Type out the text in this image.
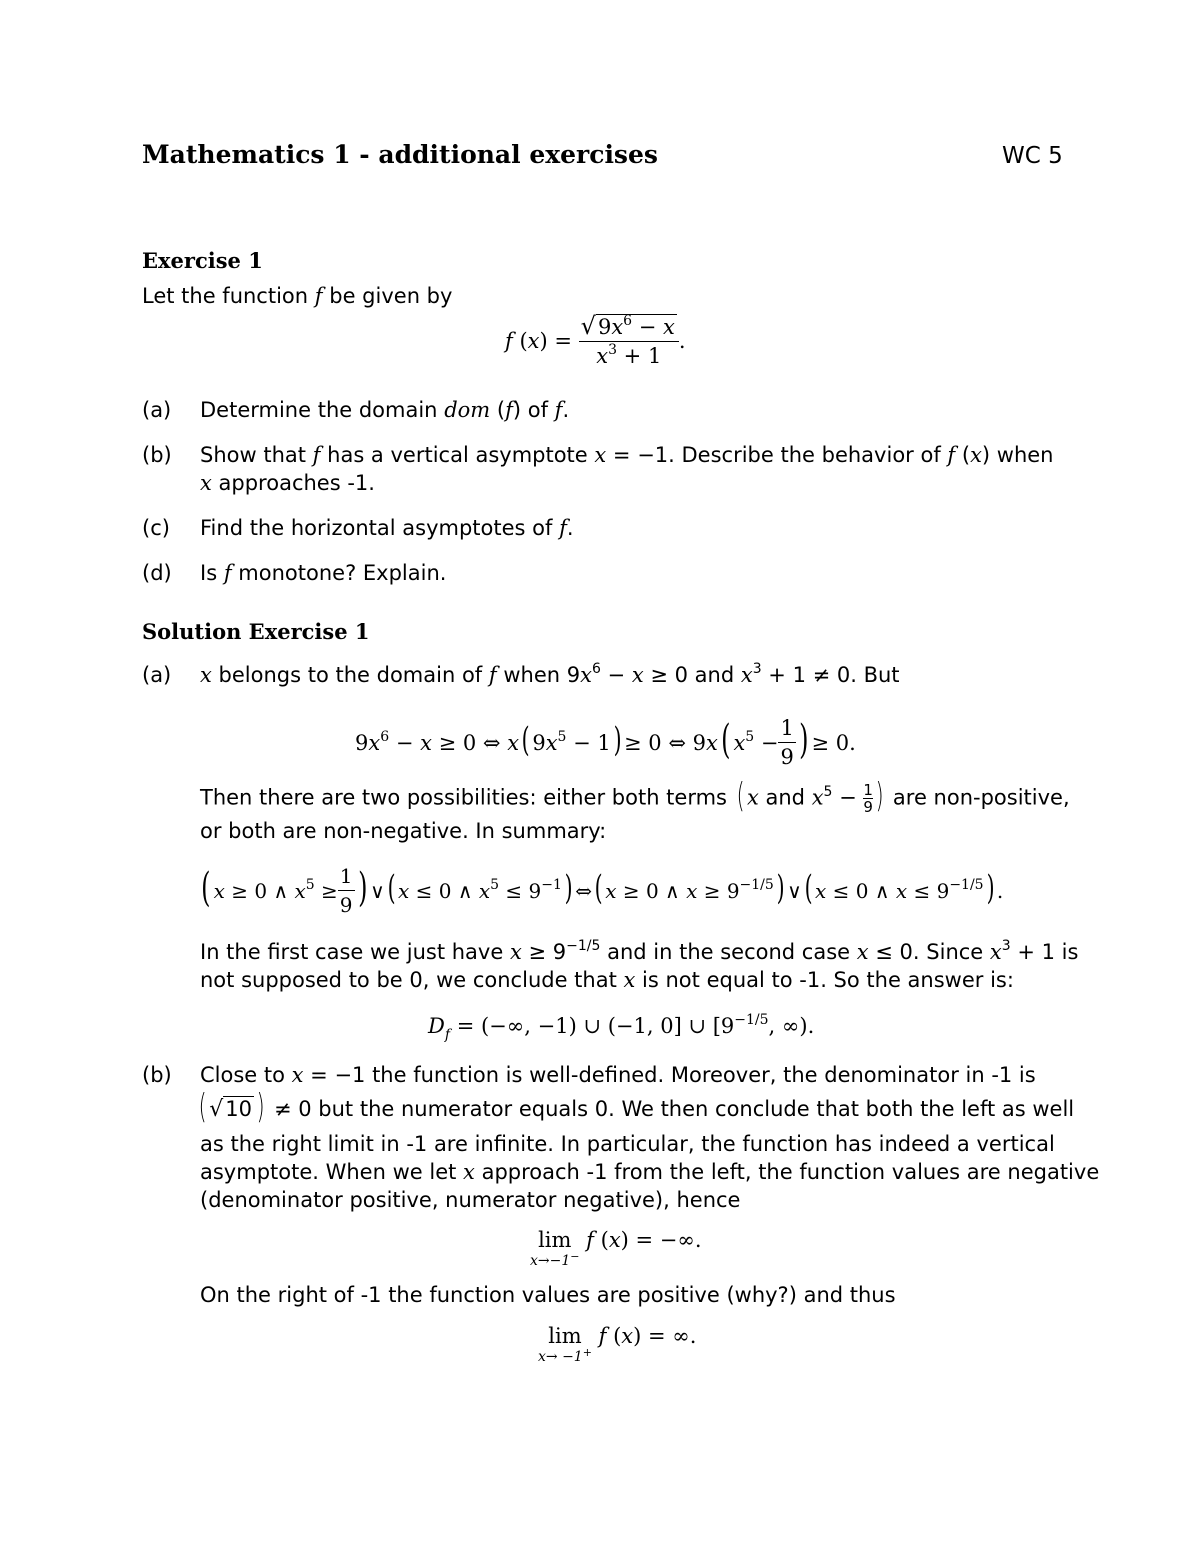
Mathematics 1 - additional exercises	WC 5
Exercise 1
Let the function f be given by
f $(x) = \frac{√9x^6 - x}{x^3 + 1}$ .
(a) Determine the domain dom (f) of f.
(b) Show that f has a vertical asymptote x = −1. Describe the behavior of f (x) when
x approaches -1.
(c) Find the horizontal asymptotes of f.
(d) Is f monotone? Explain.
Solution Exercise 1
(a) x belongs to the domain of f when $9x^6 - x \ge 0$ and $x^3 + 1 \ne 0$. But
$9x^6 - x \ge 0$ ⇔ x( $9x^5 - 1)\ge 0$ ⇔ 9x( $x^5 - \frac{1}{9}$ )≥ 0.
Then there are two possibilities: either both terms ( x and $x^5 - \frac{1}{9}$ ) are non-positive,
or both are non-negative. In summary:
( x ≥ 0 ∧ $x^5 \ge \frac{1}{9}$ )∨( x ≤ 0 ∧ $x^5$ ≤ $9^{-1})\Leftrightarrow$( x ≥ 0 ∧ $x \ge 9^{-1/5})\vee$( x ≤ 0 ∧ $x \le 9^{-1/5}$) .
In the first case we just have $x \ge 9^{-1/5}$ and in the second case x ≤ 0. Since $x^3 + 1$ is
not supposed to be 0, we conclude that x is not equal to -1. So the answer is:
$D_f$ = (−∞, −1) ∪ (−1, 0] ∪ [$9^{-1/5}$, ∞).
(b) Close to x = −1 the function is well-defined. Moreover, the denominator in -1 is
( √10 ) ≠ 0 but the numerator equals 0. We then conclude that both the left as well
as the right limit in -1 are infinite. In particular, the function has indeed a vertical
asymptote. When we let x approach -1 from the left, the function values are negative
(denominator positive, numerator negative), hence
lim
x→−1−
f (x) = −∞.
On the right of -1 the function values are positive (why?) and thus
lim
x→ −1+
f (x) = ∞.
